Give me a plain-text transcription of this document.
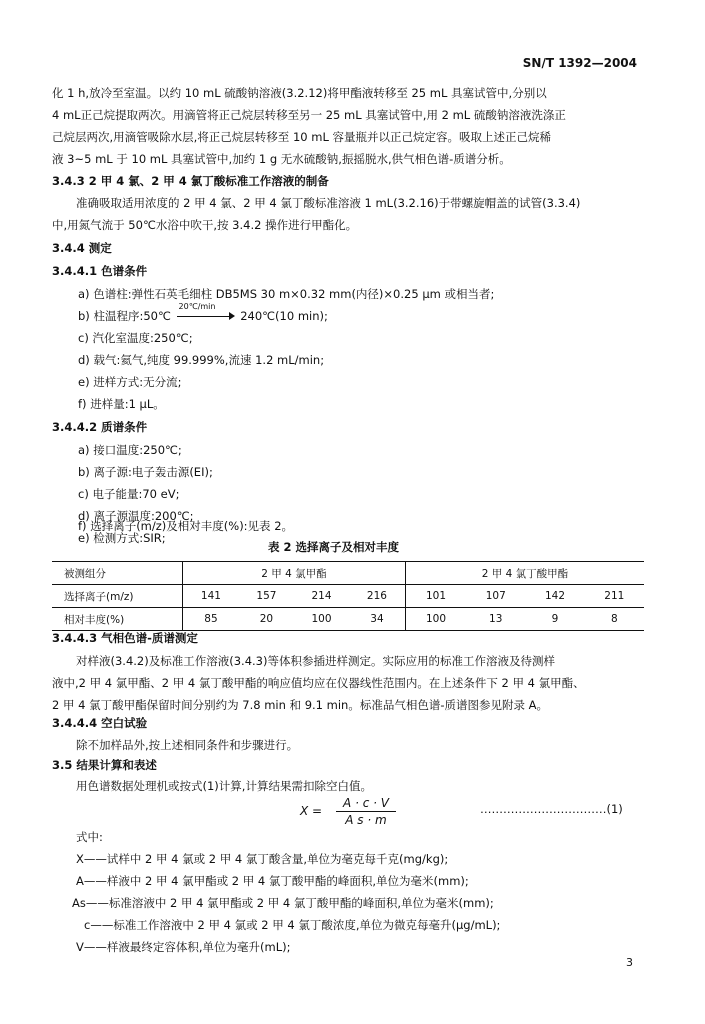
SN/T 1392—2004
化 1 h,放冷至室温。以约 10 mL 硫酸钠溶液(3.2.12)将甲酯液转移至 25 mL 具塞试管中,分别以
4 mL正己烷提取两次。用滴管将正己烷层转移至另一 25 mL 具塞试管中,用 2 mL 硫酸钠溶液洗涤正
己烷层两次,用滴管吸除水层,将正己烷层转移至 10 mL 容量瓶并以正己烷定容。吸取上述正己烷稀
液 3~5 mL 于 10 mL 具塞试管中,加约 1 g 无水硫酸钠,振摇脱水,供气相色谱-质谱分析。
3.4.3 2 甲 4 氯、2 甲 4 氯丁酸标准工作溶液的制备
准确吸取适用浓度的 2 甲 4 氯、2 甲 4 氯丁酸标准溶液 1 mL(3.2.16)于带螺旋帽盖的试管(3.3.4)
中,用氮气流于 50℃水浴中吹干,按 3.4.2 操作进行甲酯化。
3.4.4 测定
3.4.4.1 色谱条件
a) 色谱柱:弹性石英毛细柱 DB5MS 30 m×0.32 mm(内径)×0.25 μm 或相当者;
b) 柱温程序:50℃
20℃/min
240℃(10 min);
c) 汽化室温度:250℃;
d) 载气:氦气,纯度 99.999%,流速 1.2 mL/min;
e) 进样方式:无分流;
f) 进样量:1 μL。
3.4.4.2 质谱条件
a) 接口温度:250℃;
b) 离子源:电子轰击源(EI);
c) 电子能量:70 eV;
d) 离子源温度:200℃;
e) 检测方式:SIR;
f) 选择离子(m/z)及相对丰度(%):见表 2。
表 2 选择离子及相对丰度
被测组分	2 甲 4 氯甲酯				2 甲 4 氯丁酸甲酯			
选择离子(m/z)	141	157	214	216	101	107	142	211
相对丰度(%)	85	20	100	34	100	13	9	8
3.4.4.3 气相色谱-质谱测定
对样液(3.4.2)及标准工作溶液(3.4.3)等体积参插进样测定。实际应用的标准工作溶液及待测样
液中,2 甲 4 氯甲酯、2 甲 4 氯丁酸甲酯的响应值均应在仪器线性范围内。在上述条件下 2 甲 4 氯甲酯、
2 甲 4 氯丁酸甲酯保留时间分别约为 7.8 min 和 9.1 min。标准品气相色谱-质谱图参见附录 A。
3.4.4.4 空白试验
除不加样品外,按上述相同条件和步骤进行。
3.5 结果计算和表述
用色谱数据处理机或按式(1)计算,计算结果需扣除空白值。
X =
A · c · V
A s · m
……………………………(1)
式中:
X——试样中 2 甲 4 氯或 2 甲 4 氯丁酸含量,单位为毫克每千克(mg/kg);
A——样液中 2 甲 4 氯甲酯或 2 甲 4 氯丁酸甲酯的峰面积,单位为毫米(mm);
As——标准溶液中 2 甲 4 氯甲酯或 2 甲 4 氯丁酸甲酯的峰面积,单位为毫米(mm);
c——标准工作溶液中 2 甲 4 氯或 2 甲 4 氯丁酸浓度,单位为微克每毫升(μg/mL);
V——样液最终定容体积,单位为毫升(mL);
3
